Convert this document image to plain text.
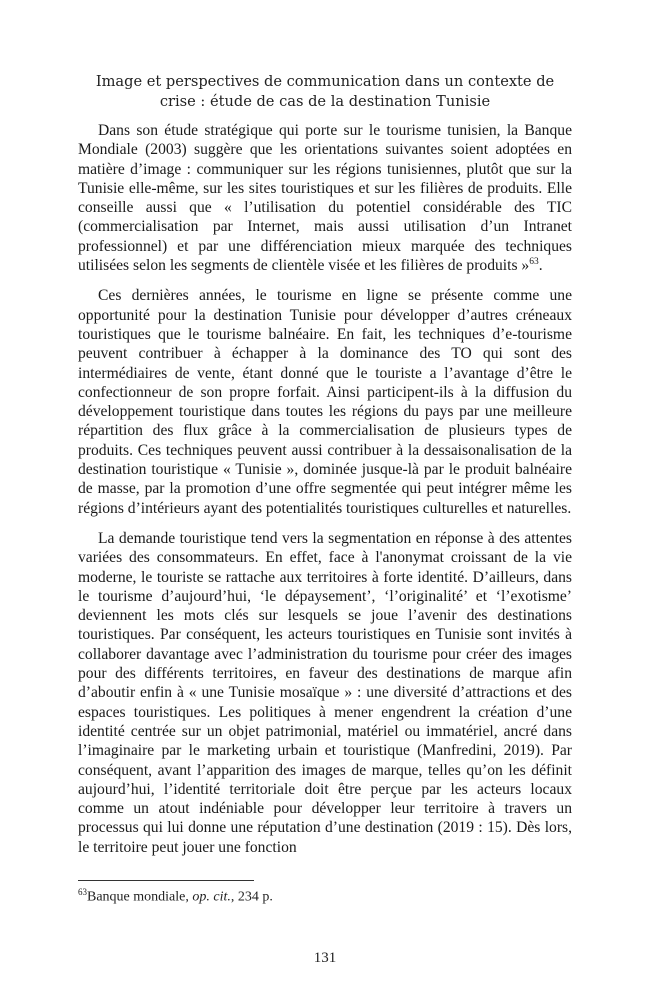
Image et perspectives de communication dans un contexte de
crise : étude de cas de la destination Tunisie

Dans son étude stratégique qui porte sur le tourisme tunisien, la Banque Mondiale (2003) suggère que les orientations suivantes soient adoptées en matière d’image : communiquer sur les régions tunisiennes, plutôt que sur la Tunisie elle-même, sur les sites touristiques et sur les filières de produits. Elle conseille aussi que « l’utilisation du potentiel considérable des TIC (commercialisation par Internet, mais aussi utilisation d’un Intranet professionnel) et par une différenciation mieux marquée des techniques utilisées selon les segments de clientèle visée et les filières de produits »$^{63}$.

Ces dernières années, le tourisme en ligne se présente comme une opportunité pour la destination Tunisie pour développer d’autres créneaux touristiques que le tourisme balnéaire. En fait, les techniques d’e-tourisme peuvent contribuer à échapper à la dominance des TO qui sont des intermédiaires de vente, étant donné que le touriste a l’avantage d’être le confectionneur de son propre forfait. Ainsi participent-ils à la diffusion du développement touristique dans toutes les régions du pays par une meilleure répartition des flux grâce à la commercialisation de plusieurs types de produits. Ces techniques peuvent aussi contribuer à la dessaisonalisation de la destination touristique « Tunisie », dominée jusque-là par le produit balnéaire de masse, par la promotion d’une offre segmentée qui peut intégrer même les régions d’intérieurs ayant des potentialités touristiques culturelles et naturelles.

La demande touristique tend vers la segmentation en réponse à des attentes variées des consommateurs. En effet, face à l'anonymat croissant de la vie moderne, le touriste se rattache aux territoires à forte identité. D’ailleurs, dans le tourisme d’aujourd’hui, ‘le dépaysement’, ‘l’originalité’ et ‘l’exotisme’ deviennent les mots clés sur lesquels se joue l’avenir des destinations touristiques. Par conséquent, les acteurs touristiques en Tunisie sont invités à collaborer davantage avec l’administration du tourisme pour créer des images pour des différents territoires, en faveur des destinations de marque afin d’aboutir enfin à « une Tunisie mosaïque » : une diversité d’attractions et des espaces touristiques. Les politiques à mener engendrent la création d’une identité centrée sur un objet patrimonial, matériel ou immatériel, ancré dans l’imaginaire par le marketing urbain et touristique (Manfredini, 2019). Par conséquent, avant l’apparition des images de marque, telles qu’on les définit aujourd’hui, l’identité territoriale doit être perçue par les acteurs locaux comme un atout indéniable pour développer leur territoire à travers un processus qui lui donne une réputation d’une destination (2019 : 15). Dès lors, le territoire peut jouer une fonction

$^{63}$Banque mondiale, op. cit., 234 p.
131
